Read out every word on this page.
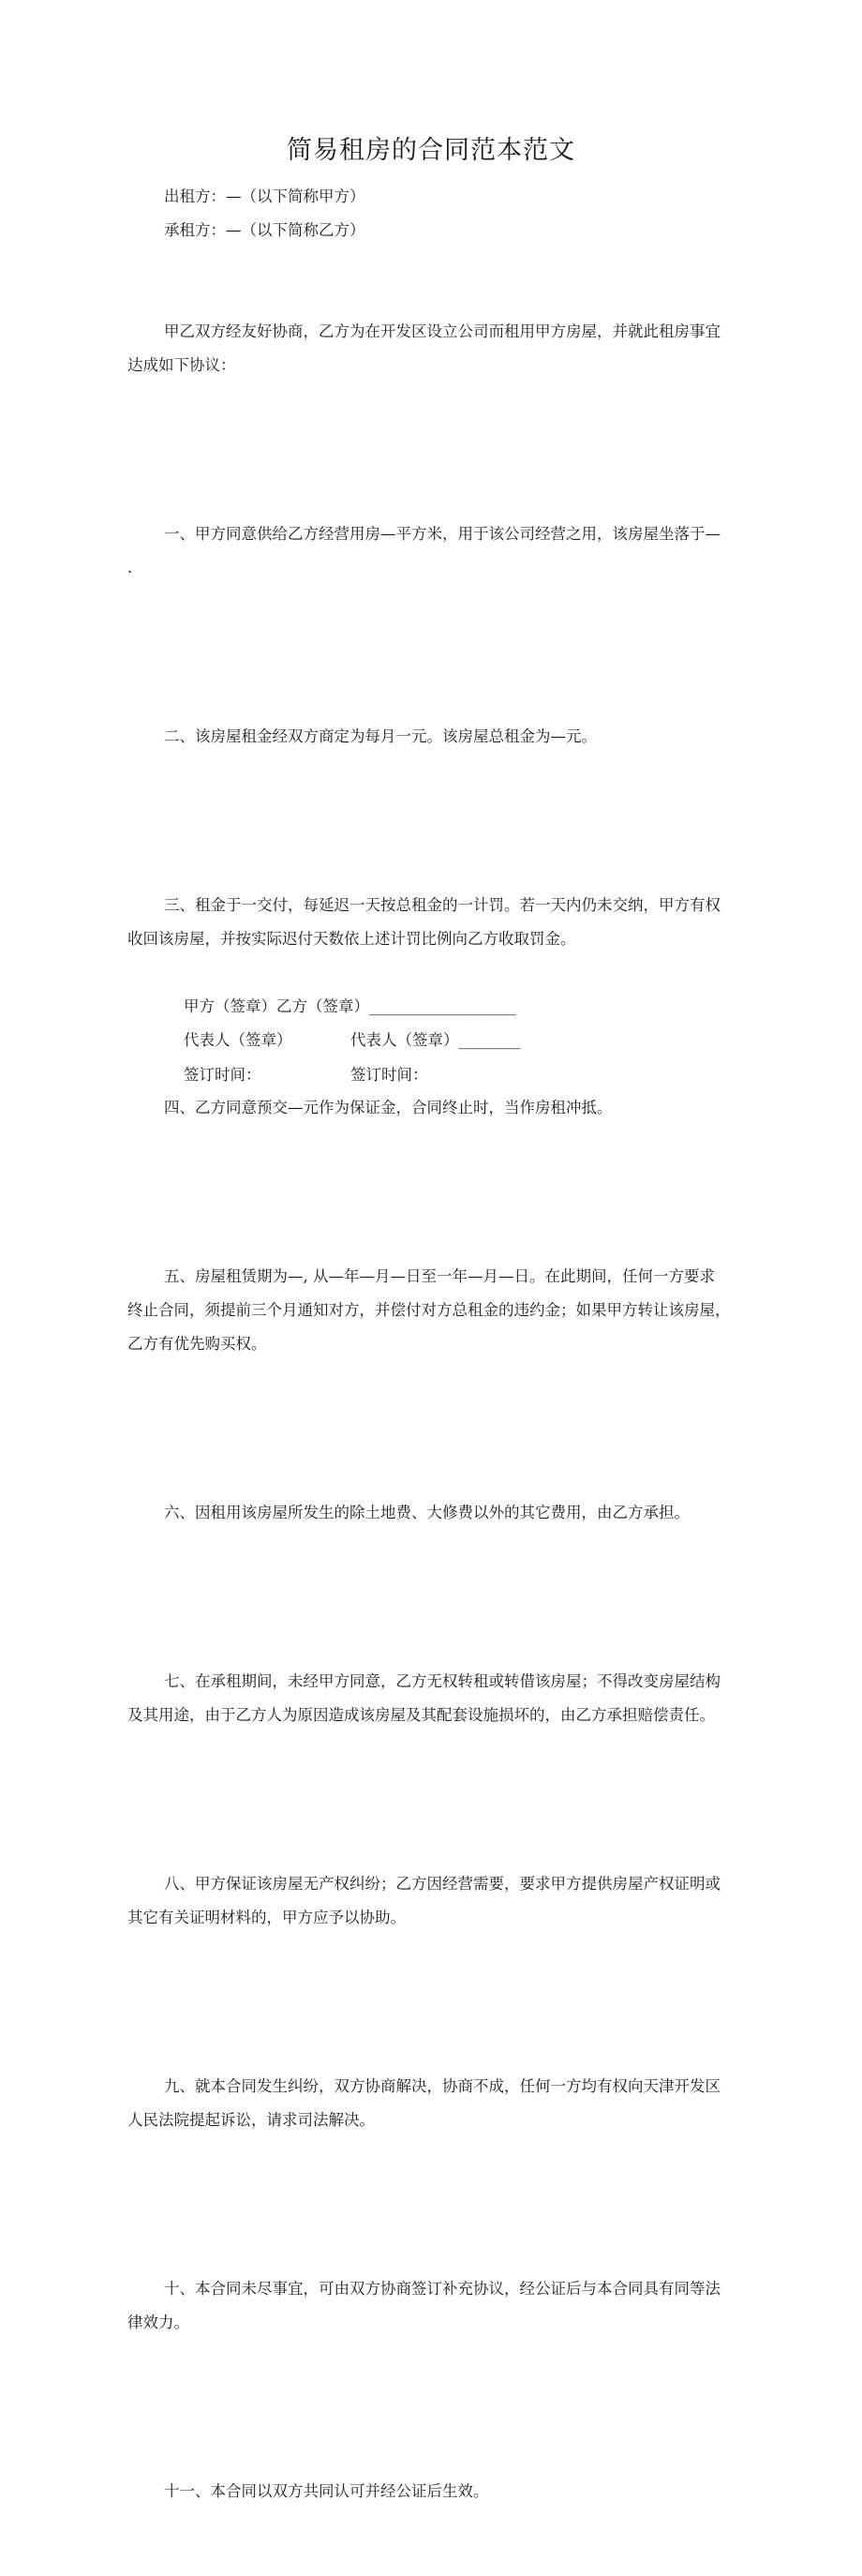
简易租房的合同范本范文

出租方：—（以下简称甲方）

承租方：—（以下简称乙方）

甲乙双方经友好协商，乙方为在开发区设立公司而租用甲方房屋，并就此租房事宜
达成如下协议：

一、甲方同意供给乙方经营用房—平方米，用于该公司经营之用，该房屋坐落于—
.

二、该房屋租金经双方商定为每月一元。该房屋总租金为—元。

三、租金于一交付，每延迟一天按总租金的一计罚。若一天内仍未交纳，甲方有权
收回该房屋，并按实际迟付天数依上述计罚比例向乙方收取罚金。

四、乙方同意预交—元作为保证金，合同终止时，当作房租冲抵。

五、房屋租赁期为—, 从—年—月—日至一年—月—日。在此期间，任何一方要求
终止合同，须提前三个月通知对方，并偿付对方总租金的违约金；如果甲方转让该房屋，
乙方有优先购买权。

六、因租用该房屋所发生的除土地费、大修费以外的其它费用，由乙方承担。

七、在承租期间，未经甲方同意，乙方无权转租或转借该房屋；不得改变房屋结构
及其用途，由于乙方人为原因造成该房屋及其配套设施损坏的，由乙方承担赔偿责任。

八、甲方保证该房屋无产权纠纷；乙方因经营需要，要求甲方提供房屋产权证明或
其它有关证明材料的，甲方应予以协助。

九、就本合同发生纠纷，双方协商解决，协商不成，任何一方均有权向天津开发区
人民法院提起诉讼，请求司法解决。

十、本合同未尽事宜，可由双方协商签订补充协议，经公证后与本合同具有同等法
律效力。

十一、本合同以双方共同认可并经公证后生效。

甲方（签章）乙方（签章）___________________

代表人（签章）	代表人（签章）________

签订时间：	签订时间：
